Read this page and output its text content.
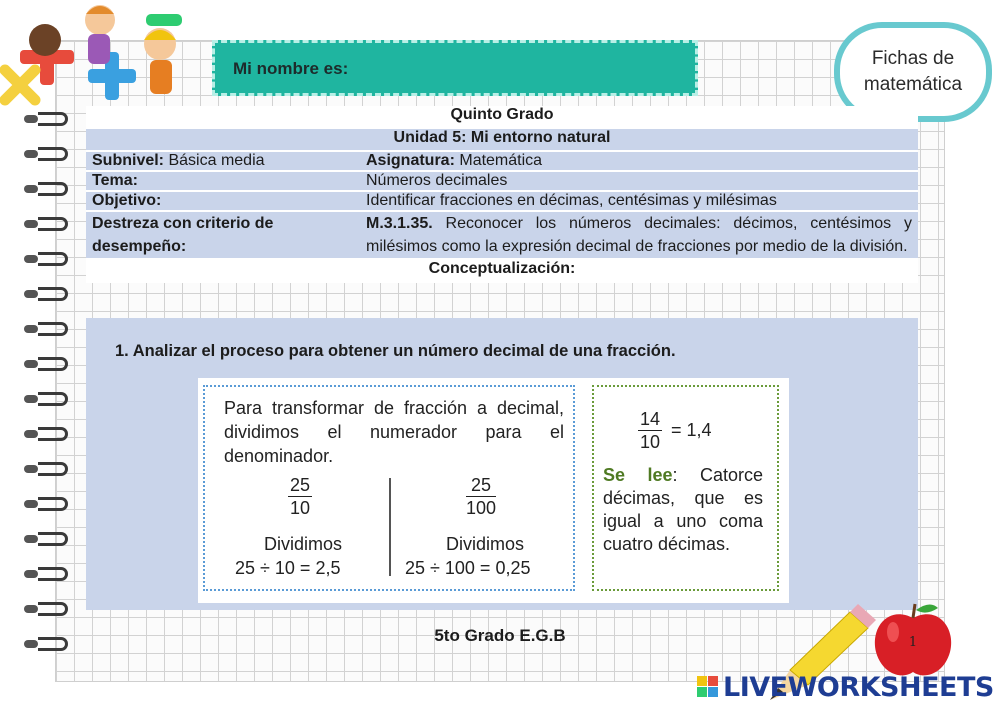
Mi nombre es:	Fichas de
matemática
Quinto Grado	
Unidad 5: Mi entorno natural	
Subnivel: Básica media	Asignatura: Matemática
Tema:	Números decimales
Objetivo:	Identificar fracciones en décimas, centésimas y milésimas

Destreza con criterio de
desempeño:	M.3.1.35. Reconocer los números decimales: décimos, centésimos y milésimos como la expresión decimal de fracciones por medio de la división.
Conceptualización:	
1. Analizar el proceso para obtener un número decimal de una fracción.
Para transformar de fracción a decimal, dividimos el numerador para el denominador.
$\frac{25}{10}$	$\frac{25}{100}$
Dividimos
25 ÷ 10 = 2,5
Dividimos
25 ÷ 100 = 0,25
$\frac{14}{10} = 1,4$
Se lee: Catorce décimas, que es igual a uno coma cuatro décimas.
5to Grado E.G.B	1
LIVEWORKSHEETS
